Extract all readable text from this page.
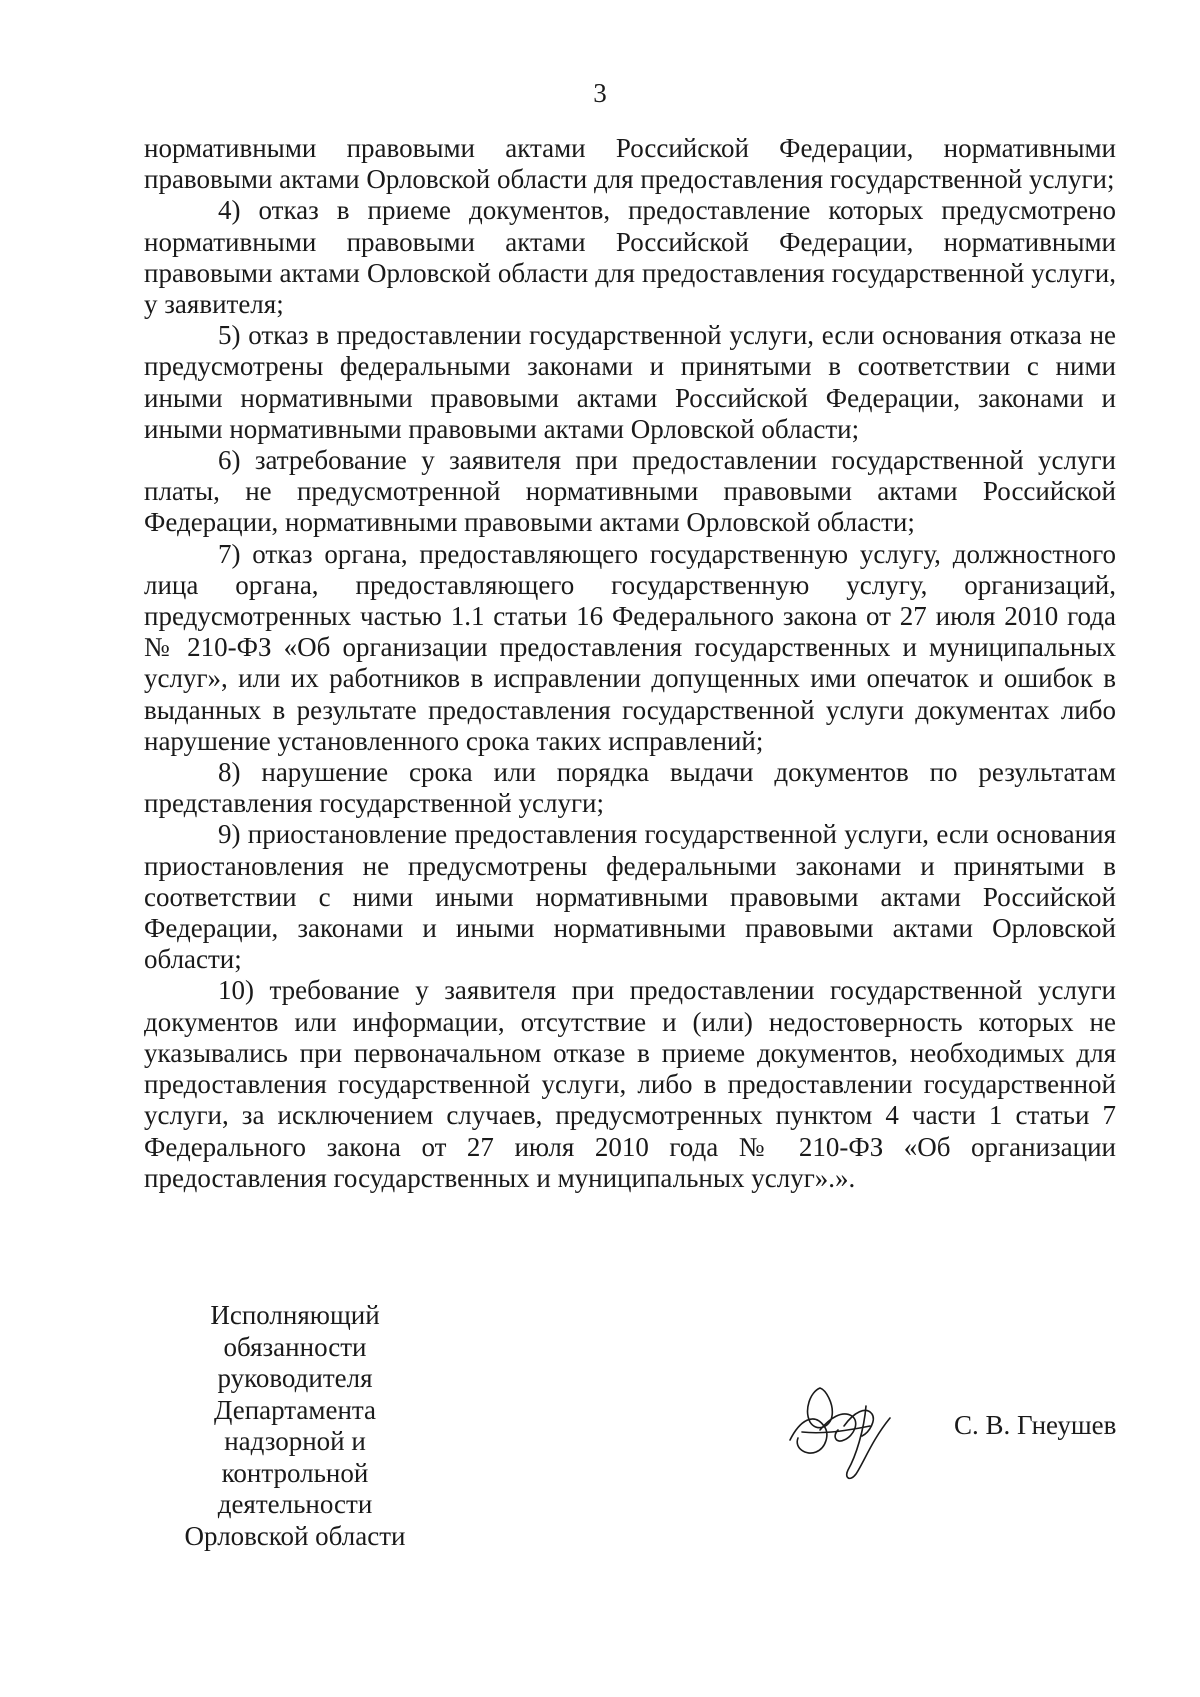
3

нормативными правовыми актами Российской Федерации, нормативными правовыми актами Орловской области для предоставления государственной услуги;

4) отказ в приеме документов, предоставление которых предусмотрено нормативными правовыми актами Российской Федерации, нормативными правовыми актами Орловской области для предоставления государственной услуги, у заявителя;

5) отказ в предоставлении государственной услуги, если основания отказа не предусмотрены федеральными законами и принятыми в соответствии с ними иными нормативными правовыми актами Российской Федерации, законами и иными нормативными правовыми актами Орловской области;

6) затребование у заявителя при предоставлении государственной услуги платы, не предусмотренной нормативными правовыми актами Российской Федерации, нормативными правовыми актами Орловской области;

7) отказ органа, предоставляющего государственную услугу, должностного лица органа, предоставляющего государственную услугу, организаций, предусмотренных частью 1.1 статьи 16 Федерального закона от 27 июля 2010 года № 210-ФЗ «Об организации предоставления государственных и муниципальных услуг», или их работников в исправлении допущенных ими опечаток и ошибок в выданных в результате предоставления государственной услуги документах либо нарушение установленного срока таких исправлений;

8) нарушение срока или порядка выдачи документов по результатам представления государственной услуги;

9) приостановление предоставления государственной услуги, если основания приостановления не предусмотрены федеральными законами и принятыми в соответствии с ними иными нормативными правовыми актами Российской Федерации, законами и иными нормативными правовыми актами Орловской области;

10) требование у заявителя при предоставлении государственной услуги документов или информации, отсутствие и (или) недостоверность которых не указывались при первоначальном отказе в приеме документов, необходимых для предоставления государственной услуги, либо в предоставлении государственной услуги, за исключением случаев, предусмотренных пунктом 4 части 1 статьи 7 Федерального закона от 27 июля 2010 года № 210-ФЗ «Об организации предоставления государственных и муниципальных услуг».».

Исполняющий
обязанности
руководителя
Департамента
надзорной и
контрольной
деятельности
Орловской области
С. В. Гнеушев
